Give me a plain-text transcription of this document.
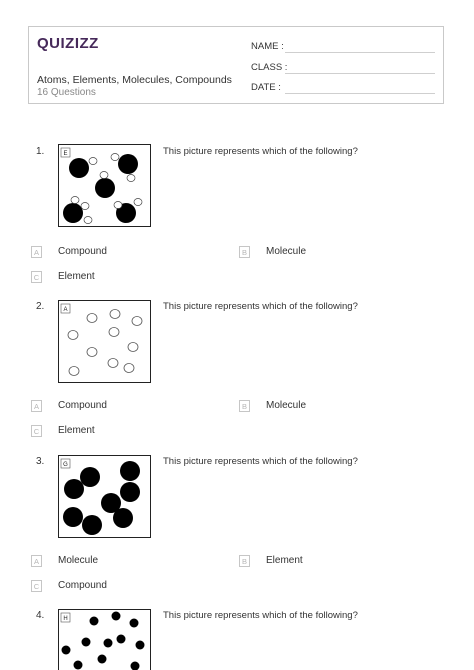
QUIZIZZ
Atoms, Elements, Molecules, Compounds
16 Questions
NAME :
CLASS :
DATE :
1.	E	This picture represents which of the following?
A	Compound	B	Molecule
C Element
2.	A	This picture represents which of the following?
A	Compound	B	Molecule
C Element
3.	G	This picture represents which of the following?
A	Molecule	B	Element
C Compound
4.	H	This picture represents which of the following?
